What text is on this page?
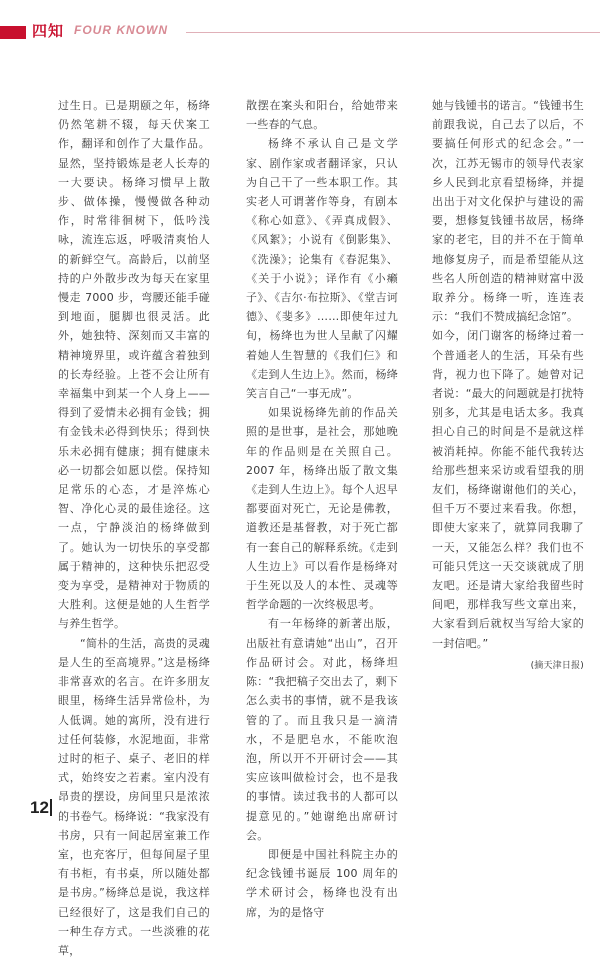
四知 FOUR KNOWN

过生日。已是期颐之年，杨绛仍然笔耕不辍，每天伏案工作，翻译和创作了大量作品。显然，坚持锻炼是老人长寿的一大要诀。杨绛习惯早上散步、做体操，慢慢做各种动作，时常徘徊树下，低吟浅咏，流连忘返，呼吸清爽怡人的新鲜空气。高龄后，以前坚持的户外散步改为每天在家里慢走 7000 步，弯腰还能手碰到地面，腿脚也很灵活。此外，她独特、深刻而又丰富的精神境界里，或许蕴含着独到的长寿经验。上苍不会让所有幸福集中到某一个人身上——得到了爱情未必拥有金钱；拥有金钱未必得到快乐；得到快乐未必拥有健康；拥有健康未必一切都会如愿以偿。保持知足常乐的心态，才是淬炼心智、净化心灵的最佳途径。这一点，宁静淡泊的杨绛做到了。她认为一切快乐的享受都属于精神的，这种快乐把忍受变为享受，是精神对于物质的大胜利。这便是她的人生哲学与养生哲学。

“简朴的生活，高贵的灵魂是人生的至高境界。”这是杨绛非常喜欢的名言。在许多朋友眼里，杨绛生活异常俭朴，为人低调。她的寓所，没有进行过任何装修，水泥地面，非常过时的柜子、桌子、老旧的样式，始终安之若素。室内没有昂贵的摆设，房间里只是浓浓的书卷气。杨绛说：“我家没有书房，只有一间起居室兼工作室，也充客厅，但每间屋子里有书柜，有书桌，所以随处都是书房。”杨绛总是说，我这样已经很好了，这是我们自己的一种生存方式。一些淡雅的花草，

散摆在案头和阳台，给她带来一些春的气息。

杨绛不承认自己是文学家、剧作家或者翻译家，只认为自己干了一些本职工作。其实老人可谓著作等身，有剧本《称心如意》、《弄真成假》、《风絮》；小说有《倒影集》、《洗澡》；论集有《春泥集》、《关于小说》；译作有《小癞子》、《吉尔·布拉斯》、《堂吉诃德》、《斐多》……即使年过九旬，杨绛也为世人呈献了闪耀着她人生智慧的《我们仨》和《走到人生边上》。然而，杨绛笑言自己“一事无成”。

如果说杨绛先前的作品关照的是世事，是社会，那她晚年的作品则是在关照自己。2007 年，杨绛出版了散文集《走到人生边上》。每个人迟早都要面对死亡，无论是佛教，道教还是基督教，对于死亡都有一套自己的解释系统。《走到人生边上》可以看作是杨绛对于生死以及人的本性、灵魂等哲学命题的一次终极思考。

有一年杨绛的新著出版，出版社有意请她“出山”，召开作品研讨会。对此，杨绛坦陈：“我把稿子交出去了，剩下怎么卖书的事情，就不是我该管的了。而且我只是一滴清水，不是肥皂水，不能吹泡泡，所以开不开研讨会——其实应该叫做检讨会，也不是我的事情。读过我书的人都可以提意见的。”她谢绝出席研讨会。

即便是中国社科院主办的纪念钱锺书诞辰 100 周年的学术研讨会，杨绛也没有出席，为的是恪守

她与钱锺书的诺言。“钱锺书生前跟我说，自己去了以后，不要搞任何形式的纪念会。”一次，江苏无锡市的领导代表家乡人民到北京看望杨绛，并提出出于对文化保护与建设的需要，想修复钱锺书故居，杨绛家的老宅，目的并不在于简单地修复房子，而是希望能从这些名人所创造的精神财富中汲取养分。杨绛一听，连连表示：“我们不赞成搞纪念馆”。

如今，闭门谢客的杨绛过着一个普通老人的生活，耳朵有些背，视力也下降了。她曾对记者说：“最大的问题就是打扰特别多，尤其是电话太多。我真担心自己的时间是不是就这样被消耗掉。你能不能代我转达给那些想来采访或看望我的朋友们，杨绛谢谢他们的关心，但千万不要过来看我。你想，即使大家来了，就算同我聊了一天，又能怎么样？我们也不可能只凭这一天交谈就成了朋友吧。还是请大家给我留些时间吧，那样我写些文章出来，大家看到后就权当写给大家的一封信吧。”

(摘天津日报)
12
